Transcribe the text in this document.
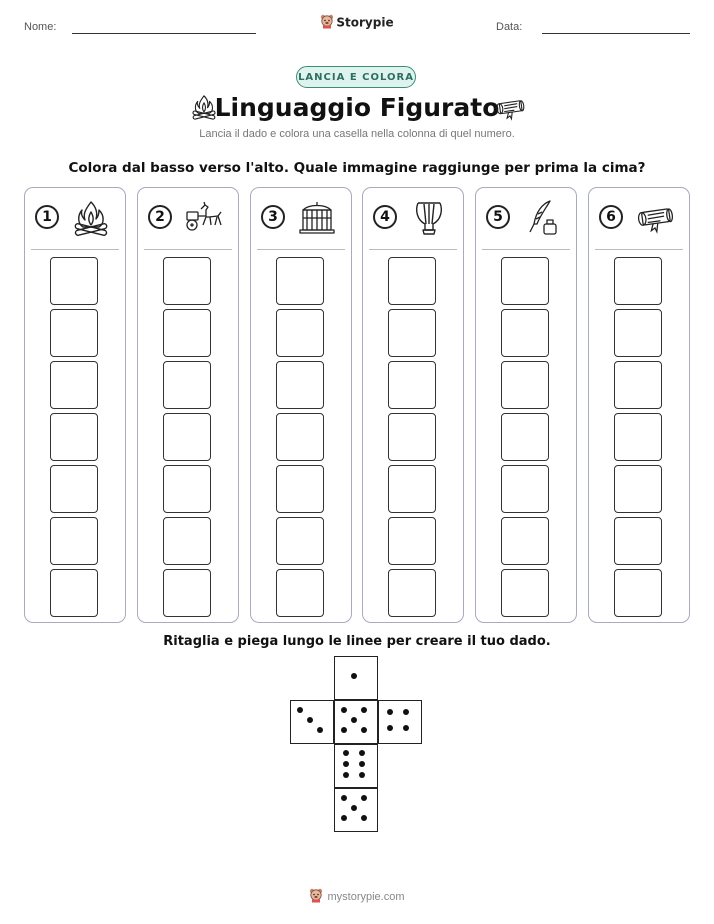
Nome:	Storypie	Data:
LANCIA E COLORA
Linguaggio Figurato
Lancia il dado e colora una casella nella colonna di quel numero.
Colora dal basso verso l'alto. Quale immagine raggiunge per prima la cima?
1	2	3	4	5	6
Ritaglia e piega lungo le linee per creare il tuo dado.
mystorypie.com
